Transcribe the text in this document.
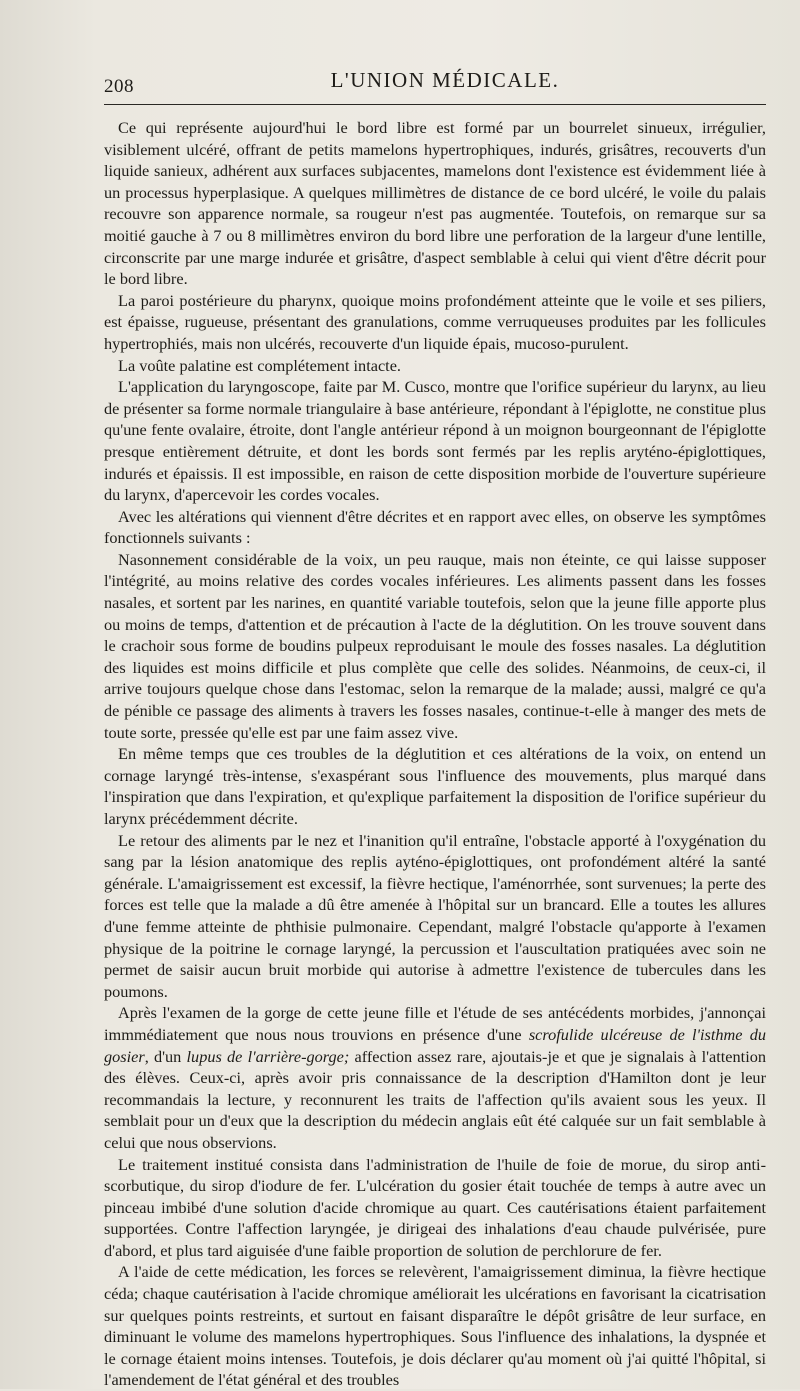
208	L'UNION MÉDICALE.

Ce qui représente aujourd'hui le bord libre est formé par un bourrelet sinueux, irrégulier, visiblement ulcéré, offrant de petits mamelons hypertrophiques, indurés, grisâtres, recouverts d'un liquide sanieux, adhérent aux surfaces subjacentes, mamelons dont l'existence est évidemment liée à un processus hyperplasique. A quelques millimètres de distance de ce bord ulcéré, le voile du palais recouvre son apparence normale, sa rougeur n'est pas augmentée. Toutefois, on remarque sur sa moitié gauche à 7 ou 8 millimètres environ du bord libre une perforation de la largeur d'une lentille, circonscrite par une marge indurée et grisâtre, d'aspect semblable à celui qui vient d'être décrit pour le bord libre.

La paroi postérieure du pharynx, quoique moins profondément atteinte que le voile et ses piliers, est épaisse, rugueuse, présentant des granulations, comme verruqueuses produites par les follicules hypertrophiés, mais non ulcérés, recouverte d'un liquide épais, mucoso-purulent.

La voûte palatine est complétement intacte.

L'application du laryngoscope, faite par M. Cusco, montre que l'orifice supérieur du larynx, au lieu de présenter sa forme normale triangulaire à base antérieure, répondant à l'épiglotte, ne constitue plus qu'une fente ovalaire, étroite, dont l'angle antérieur répond à un moignon bourgeonnant de l'épiglotte presque entièrement détruite, et dont les bords sont fermés par les replis aryténo-épiglottiques, indurés et épaissis. Il est impossible, en raison de cette disposition morbide de l'ouverture supérieure du larynx, d'apercevoir les cordes vocales.

Avec les altérations qui viennent d'être décrites et en rapport avec elles, on observe les symptômes fonctionnels suivants :

Nasonnement considérable de la voix, un peu rauque, mais non éteinte, ce qui laisse supposer l'intégrité, au moins relative des cordes vocales inférieures. Les aliments passent dans les fosses nasales, et sortent par les narines, en quantité variable toutefois, selon que la jeune fille apporte plus ou moins de temps, d'attention et de précaution à l'acte de la déglutition. On les trouve souvent dans le crachoir sous forme de boudins pulpeux reproduisant le moule des fosses nasales. La déglutition des liquides est moins difficile et plus complète que celle des solides. Néanmoins, de ceux-ci, il arrive toujours quelque chose dans l'estomac, selon la remarque de la malade; aussi, malgré ce qu'a de pénible ce passage des aliments à travers les fosses nasales, continue-t-elle à manger des mets de toute sorte, pressée qu'elle est par une faim assez vive.

En même temps que ces troubles de la déglutition et ces altérations de la voix, on entend un cornage laryngé très-intense, s'exaspérant sous l'influence des mouvements, plus marqué dans l'inspiration que dans l'expiration, et qu'explique parfaitement la disposition de l'orifice supérieur du larynx précédemment décrite.

Le retour des aliments par le nez et l'inanition qu'il entraîne, l'obstacle apporté à l'oxygénation du sang par la lésion anatomique des replis ayténo-épiglottiques, ont profondément altéré la santé générale. L'amaigrissement est excessif, la fièvre hectique, l'aménorrhée, sont survenues; la perte des forces est telle que la malade a dû être amenée à l'hôpital sur un brancard. Elle a toutes les allures d'une femme atteinte de phthisie pulmonaire. Cependant, malgré l'obstacle qu'apporte à l'examen physique de la poitrine le cornage laryngé, la percussion et l'auscultation pratiquées avec soin ne permet de saisir aucun bruit morbide qui autorise à admettre l'existence de tubercules dans les poumons.

Après l'examen de la gorge de cette jeune fille et l'étude de ses antécédents morbides, j'annonçai immmédiatement que nous nous trouvions en présence d'une scrofulide ulcéreuse de l'isthme du gosier, d'un lupus de l'arrière-gorge; affection assez rare, ajoutais-je et que je signalais à l'attention des élèves. Ceux-ci, après avoir pris connaissance de la description d'Hamilton dont je leur recommandais la lecture, y reconnurent les traits de l'affection qu'ils avaient sous les yeux. Il semblait pour un d'eux que la description du médecin anglais eût été calquée sur un fait semblable à celui que nous observions.

Le traitement institué consista dans l'administration de l'huile de foie de morue, du sirop anti-scorbutique, du sirop d'iodure de fer. L'ulcération du gosier était touchée de temps à autre avec un pinceau imbibé d'une solution d'acide chromique au quart. Ces cautérisations étaient parfaitement supportées. Contre l'affection laryngée, je dirigeai des inhalations d'eau chaude pulvérisée, pure d'abord, et plus tard aiguisée d'une faible proportion de solution de perchlorure de fer.

A l'aide de cette médication, les forces se relevèrent, l'amaigrissement diminua, la fièvre hectique céda; chaque cautérisation à l'acide chromique améliorait les ulcérations en favorisant la cicatrisation sur quelques points restreints, et surtout en faisant disparaître le dépôt grisâtre de leur surface, en diminuant le volume des mamelons hypertrophiques. Sous l'influence des inhalations, la dyspnée et le cornage étaient moins intenses. Toutefois, je dois déclarer qu'au moment où j'ai quitté l'hôpital, si l'amendement de l'état général et des troubles
